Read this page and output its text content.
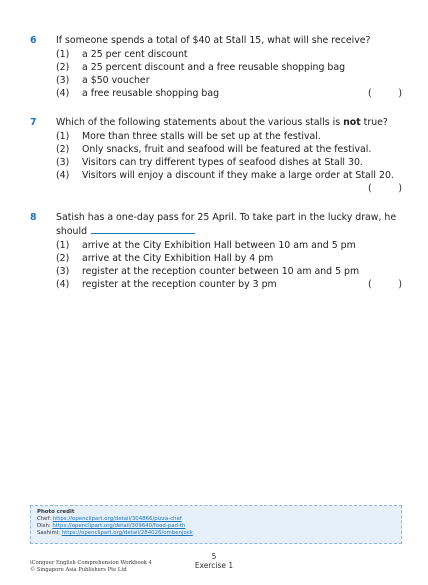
6 If someone spends a total of $40 at Stall 15, what will she receive?
(1) a 25 per cent discount
(2) a 25 percent discount and a free reusable shopping bag
(3) a $50 voucher
(4) a free reusable shopping bag	(	)
7 Which of the following statements about the various stalls is not true?
(1) More than three stalls will be set up at the festival.
(2) Only snacks, fruit and seafood will be featured at the festival.
(3) Visitors can try different types of seafood dishes at Stall 30.
(4) Visitors will enjoy a discount if they make a large order at Stall 20.
(	)
8 Satish has a one-day pass for 25 April. To take part in the lucky draw, he
should
(1) arrive at the City Exhibition Hall between 10 am and 5 pm
(2) arrive at the City Exhibition Hall by 4 pm
(3) register at the reception counter between 10 am and 5 pm
(4) register at the reception counter by 3 pm	(	)
Photo credit
Chef: https://openclipart.org/detail/304866/pizza-chef
Dish: https://openclipart.org/detail/309640/food-pad-th
Sashimi: https://openclipart.org/detail/284026/ombenjock
iConquer English Comprehension Workbook 4
© Singapore Asia Publishers Pte Ltd
5
Exercise 1
